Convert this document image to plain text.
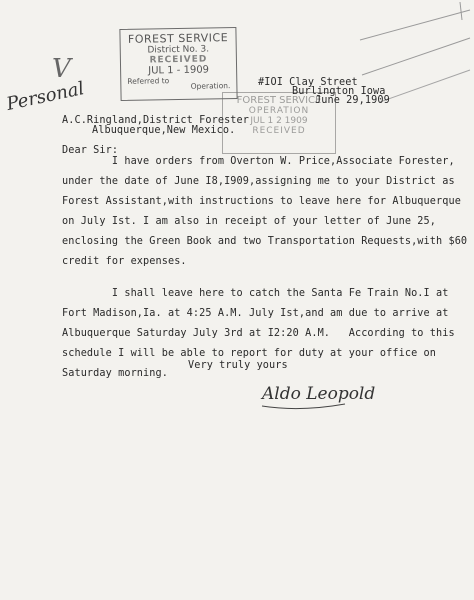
FOREST SERVICE
District No. 3.
RECEIVED
JUL 1 - 1909
Referred to
Operation.
FOREST SERVICE
OPERATION
JUL 1 2 1909
RECEIVED
V
Personal	#IOI Clay Street
Burlington Iowa
June 29,1909
A.C.Ringland,District Forester
Albuquerque,New Mexico.
Dear Sir:
I have orders from Overton W. Price,Associate Forester,
under the date of June I8,I909,assigning me to your District as
Forest Assistant,with instructions to leave here for Albuquerque
on July Ist. I am also in receipt of your letter of June 25,
enclosing the Green Book and two Transportation Requests,with $60
credit for expenses.
I shall leave here to catch the Santa Fe Train No.I at
Fort Madison,Ia. at 4:25 A.M. July Ist,and am due to arrive at
Albuquerque Saturday July 3rd at I2:20 A.M.   According to this
schedule I will be able to report for duty at your office on
Saturday morning.
Very truly yours
Aldo Leopold
